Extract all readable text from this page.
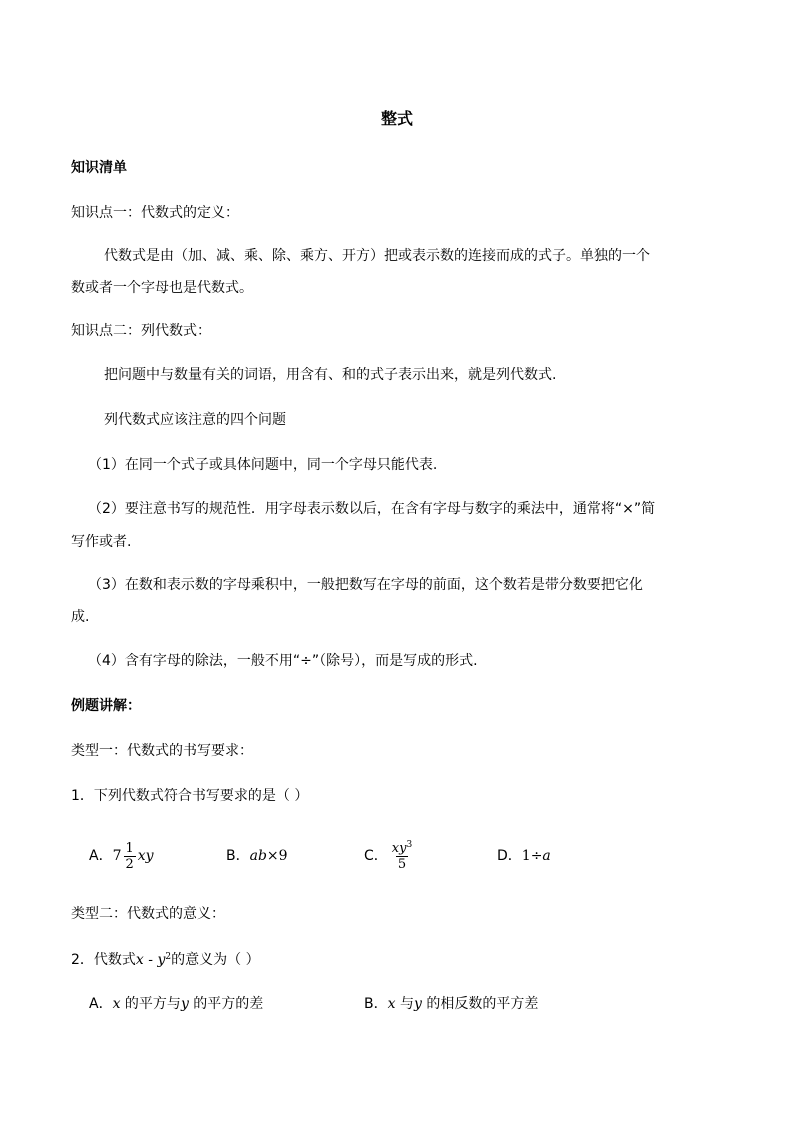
整式
知识清单
知识点一：代数式的定义：
代数式是由（加、减、乘、除、乘方、开方）把或表示数的连接而成的式子。单独的一个
数或者一个字母也是代数式。
知识点二：列代数式：
把问题中与数量有关的词语，用含有、和的式子表示出来，就是列代数式.
列代数式应该注意的四个问题
（1）在同一个式子或具体问题中，同一个字母只能代表.
（2）要注意书写的规范性．用字母表示数以后，在含有字母与数字的乘法中，通常将“×”简
写作或者.
（3）在数和表示数的字母乘积中，一般把数写在字母的前面，这个数若是带分数要把它化
成.
（4）含有字母的除法，一般不用“÷”（除号），而是写成的形式.
例题讲解：
类型一：代数式的书写要求：
1．下列代数式符合书写要求的是（ ）
A． $7 \frac{1}{2}$ xy	B． ab ×9	C． $\frac{xy^3}{5}$	D． 1÷ a
类型二：代数式的意义：
2．代数式x - $y^2$的意义为（ ）
A．x 的平方与y 的平方的差	B．x 与y 的相反数的平方差
